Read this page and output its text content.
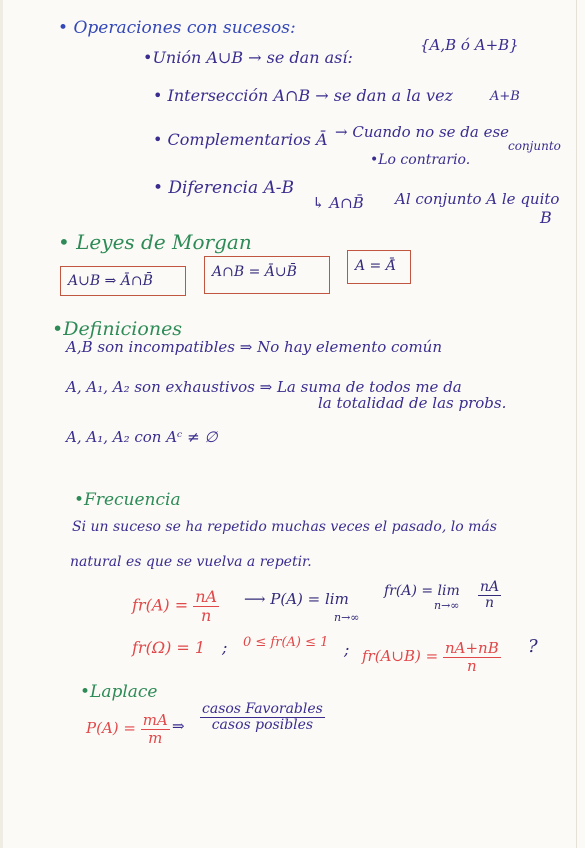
• Operaciones con sucesos:
•Unión A∪B → se dan así:
{A,B ó A+B}
• Intersección A∩B → se dan a la vez	A+B
• Complementarios Ā → Cuando no se da ese
conjunto
•Lo contrario.
• Diferencia A-B
↳ A∩B̄ Al conjunto A le quito
B
• Leyes de Morgan
A∪B ⇒ Ā∩B̄
A∩B = Ā∪B̄	A = Ā̄
•Definiciones
A,B son incompatibles ⇒ No hay elemento común
A, A₁, A₂ son exhaustivos ⇒ La suma de todos me da
la totalidad de las probs.
A, A₁, A₂ con Aᶜ ≠ ∅
•Frecuencia
Si un suceso se ha repetido muchas veces el pasado, lo más
natural es que se vuelva a repetir.
$fr(A) = \frac{nA}{n}$ ⟶ P(A) = lim
n→∞
fr(A) = lim
$n\to\infty \frac{nA}{n}$
fr(Ω) = 1 ; 0 ≤ fr(A) ≤ 1 ; fr(A∪B) = $\frac{nA+nB}{n}$ ?
•Laplace
$P(A) = \frac{mA}{m}$ ⇒ $\frac{\text{casos Favorables}}{\text{casos posibles}}$
